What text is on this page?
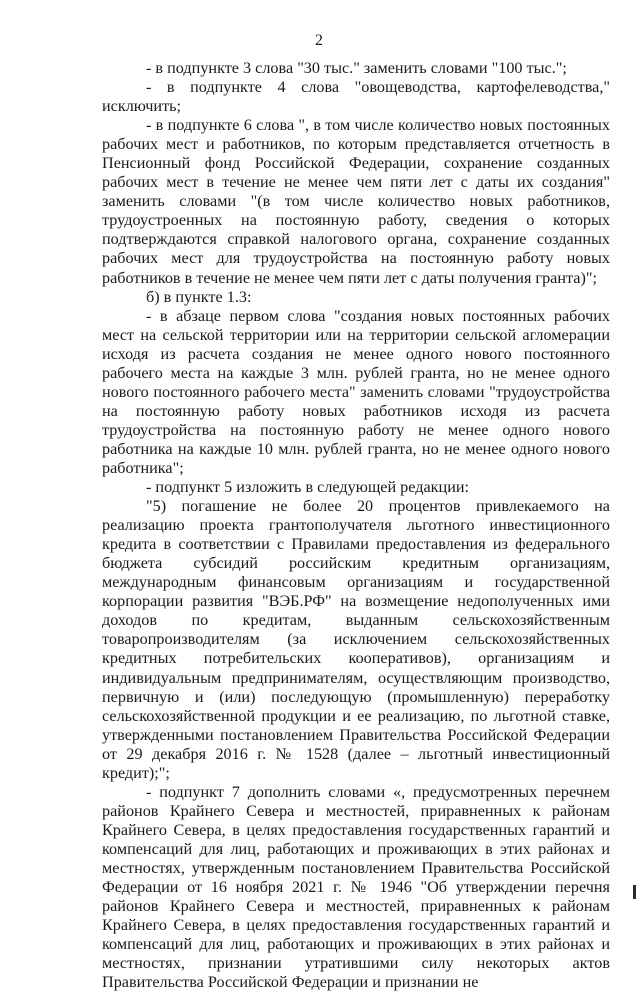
2

- в подпункте 3 слова "30 тыс." заменить словами "100 тыс.";

- в подпункте 4 слова "овощеводства, картофелеводства," исключить;

- в подпункте 6 слова ", в том числе количество новых постоянных рабочих мест и работников, по которым представляется отчетность в Пенсионный фонд Российской Федерации, сохранение созданных рабочих мест в течение не менее чем пяти лет с даты их создания" заменить словами "(в том числе количество новых работников, трудоустроенных на постоянную работу, сведения о которых подтверждаются справкой налогового органа, сохранение созданных рабочих мест для трудоустройства на постоянную работу новых работников в течение не менее чем пяти лет с даты получения гранта)";

б) в пункте 1.3:

- в абзаце первом слова "создания новых постоянных рабочих мест на сельской территории или на территории сельской агломерации исходя из расчета создания не менее одного нового постоянного рабочего места на каждые 3 млн. рублей гранта, но не менее одного нового постоянного рабочего места" заменить словами "трудоустройства на постоянную работу новых работников исходя из расчета трудоустройства на постоянную работу не менее одного нового работника на каждые 10 млн. рублей гранта, но не менее одного нового работника";

- подпункт 5 изложить в следующей редакции:

"5) погашение не более 20 процентов привлекаемого на реализацию проекта грантополучателя льготного инвестиционного кредита в соответствии с Правилами предоставления из федерального бюджета субсидий российским кредитным организациям, международным финансовым организациям и государственной корпорации развития "ВЭБ.РФ" на возмещение недополученных ими доходов по кредитам, выданным сельскохозяйственным товаропроизводителям (за исключением сельскохозяйственных кредитных потребительских кооперативов), организациям и индивидуальным предпринимателям, осуществляющим производство, первичную и (или) последующую (промышленную) переработку сельскохозяйственной продукции и ее реализацию, по льготной ставке, утвержденными постановлением Правительства Российской Федерации от 29 декабря 2016 г. № 1528 (далее – льготный инвестиционный кредит);";

- подпункт 7 дополнить словами «, предусмотренных перечнем районов Крайнего Севера и местностей, приравненных к районам Крайнего Севера, в целях предоставления государственных гарантий и компенсаций для лиц, работающих и проживающих в этих районах и местностях, утвержденным постановлением Правительства Российской Федерации от 16 ноября 2021 г. № 1946 "Об утверждении перечня районов Крайнего Севера и местностей, приравненных к районам Крайнего Севера, в целях предоставления государственных гарантий и компенсаций для лиц, работающих и проживающих в этих районах и местностях, признании утратившими силу некоторых актов Правительства Российской Федерации и признании не
